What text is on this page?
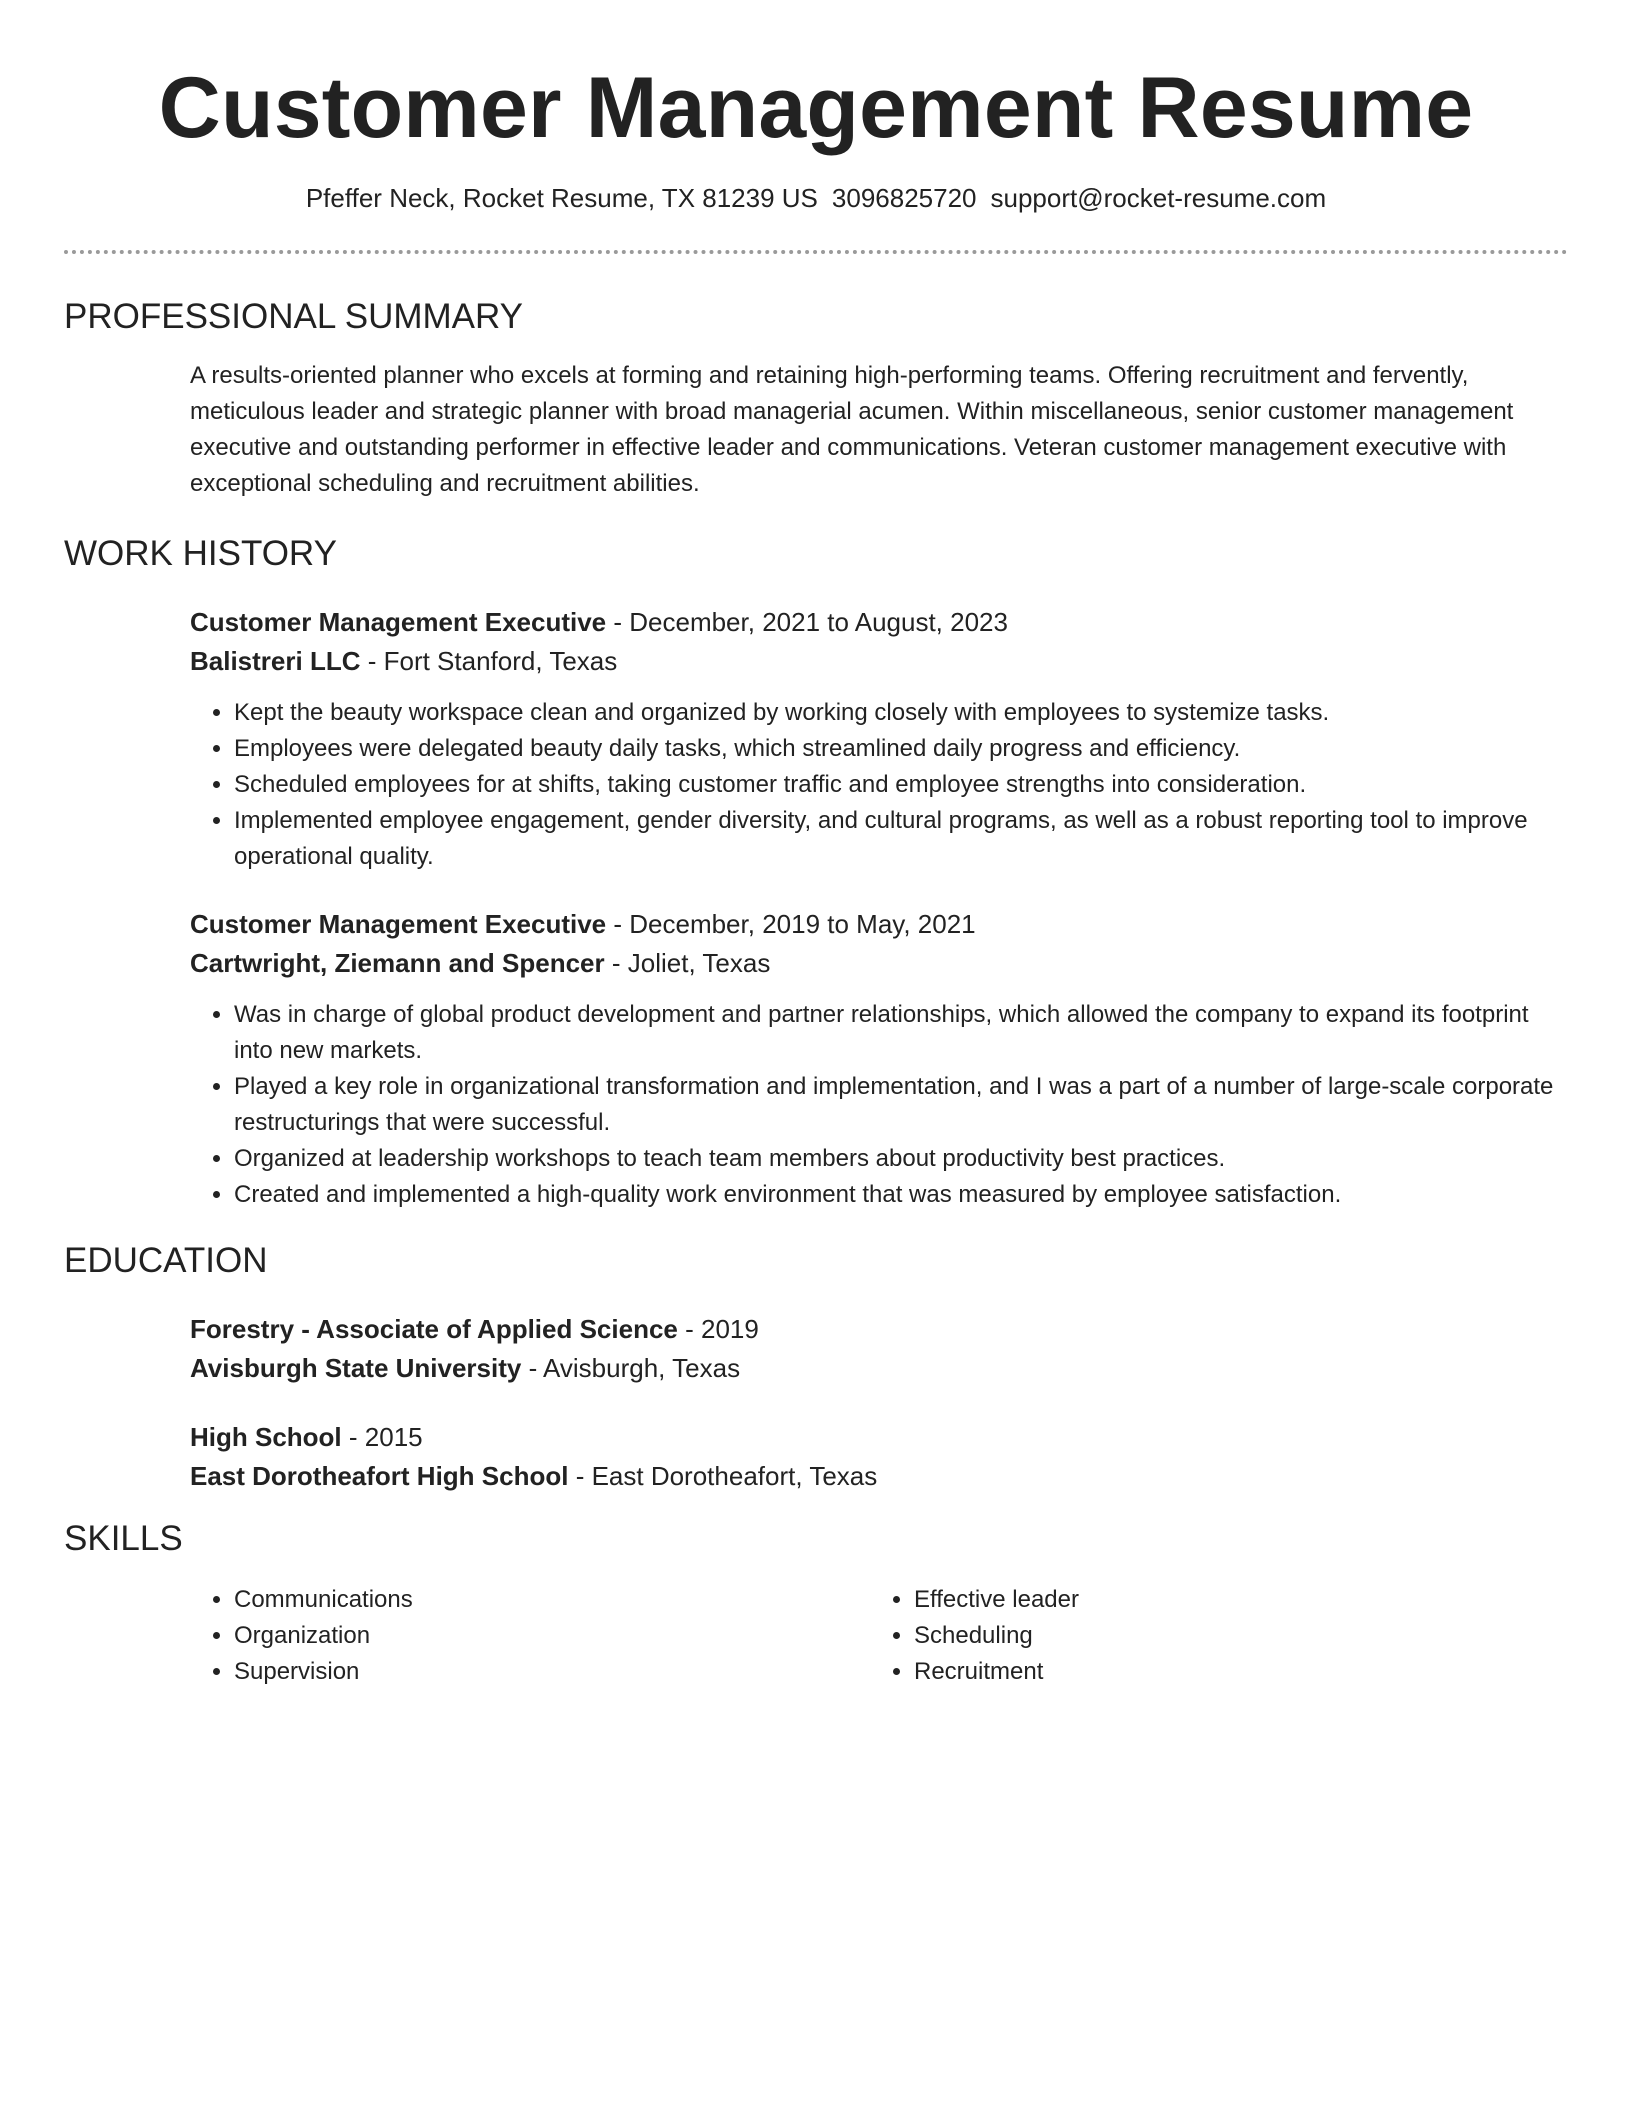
Customer Management Resume
Pfeffer Neck, Rocket Resume, TX 81239 US 3096825720 support@rocket-resume.com
PROFESSIONAL SUMMARY
A results-oriented planner who excels at forming and retaining high-performing teams. Offering recruitment and fervently, meticulous leader and strategic planner with broad managerial acumen. Within miscellaneous, senior customer management executive and outstanding performer in effective leader and communications. Veteran customer management executive with exceptional scheduling and recruitment abilities.
WORK HISTORY
Customer Management Executive - December, 2021 to August, 2023
Balistreri LLC - Fort Stanford, Texas
• Kept the beauty workspace clean and organized by working closely with employees to systemize tasks.
• Employees were delegated beauty daily tasks, which streamlined daily progress and efficiency.
• Scheduled employees for at shifts, taking customer traffic and employee strengths into consideration.
• Implemented employee engagement, gender diversity, and cultural programs, as well as a robust reporting tool to improve operational quality.
Customer Management Executive - December, 2019 to May, 2021
Cartwright, Ziemann and Spencer - Joliet, Texas
• Was in charge of global product development and partner relationships, which allowed the company to expand its footprint into new markets.
• Played a key role in organizational transformation and implementation, and I was a part of a number of large-scale corporate restructurings that were successful.
• Organized at leadership workshops to teach team members about productivity best practices.
• Created and implemented a high-quality work environment that was measured by employee satisfaction.
EDUCATION
Forestry - Associate of Applied Science - 2019
Avisburgh State University - Avisburgh, Texas
High School - 2015
East Dorotheafort High School - East Dorotheafort, Texas
SKILLS
• Communications
• Organization
• Supervision
• Effective leader
• Scheduling
• Recruitment
